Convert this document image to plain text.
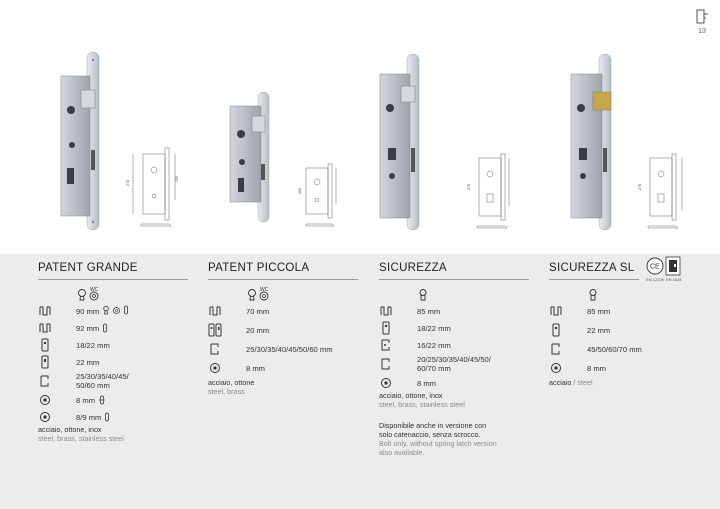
13
278
153
206
278	278
PATENT GRANDE
WC
90 mm

92 mm
18/22 mm
22 mm
25/30/35/40/45/
50/60 mm
8 mm
8/9 mm
acciaio, ottone, inox
steel, brass, stainless steel
PATENT PICCOLA
WC
70 mm
20 mm
25/30/35/40/45/50/60 mm
8 mm
acciaio, ottone
steel, brass
SICUREZZA
85 mm
18/22 mm
16/22 mm
20/25/30/35/40/45/50/
60/70 mm
8 mm
acciaio, ottone, inox
steel, brass, stainless steel
Disponibile anche in versione con
solo catenaccio, senza scrocco.
Bolt only, without spring latch version
also available.
SICUREZZA SL
85 mm
22 mm
45/50/60/70 mm
8 mm
acciaio / steel
CE
EN 12209 EN 1634
